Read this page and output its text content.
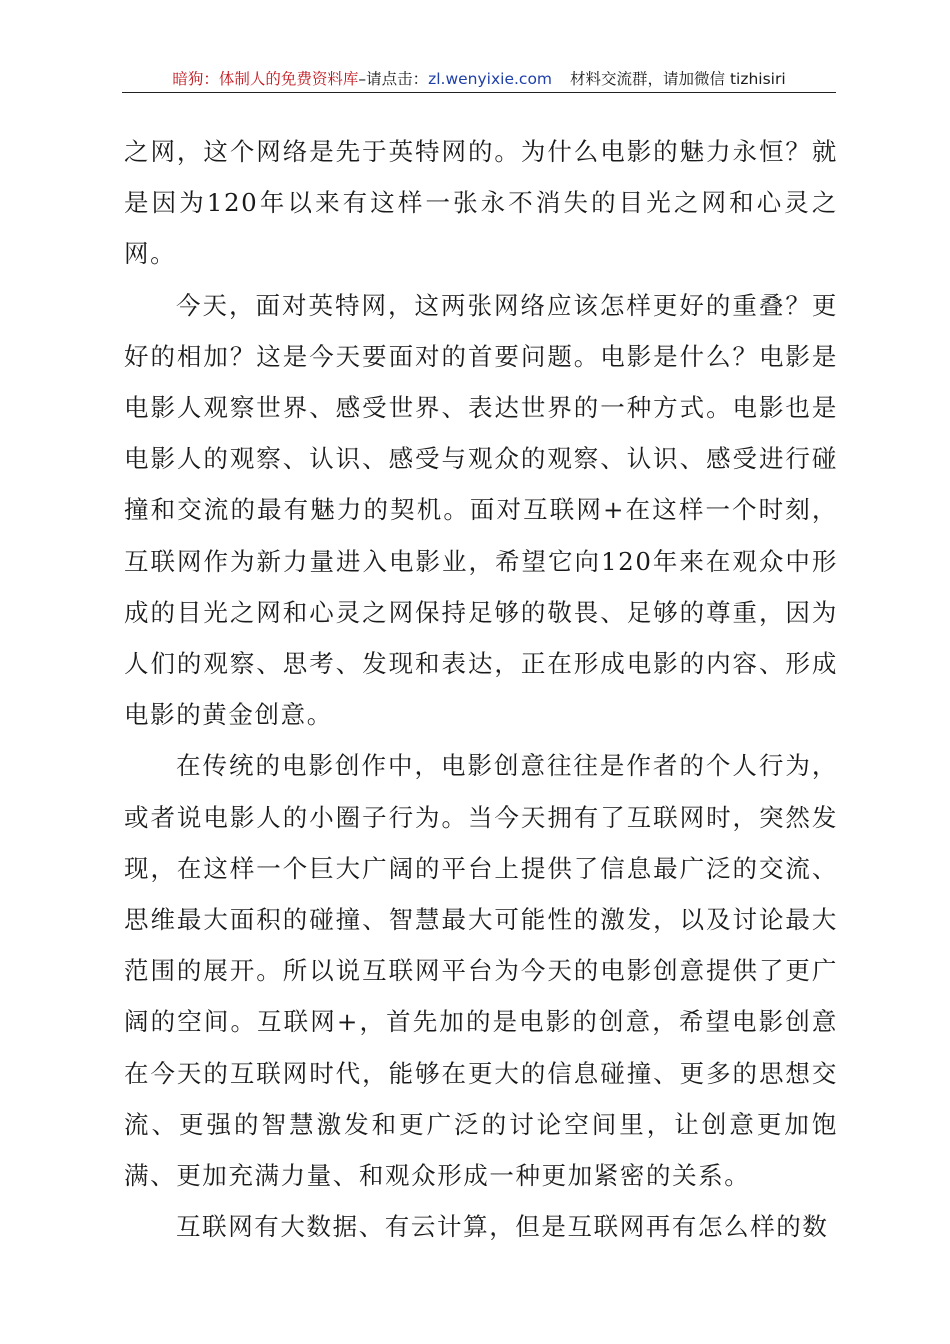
暗狗：体制人的免费资料库–请点击：zl.wenyixie.com 材料交流群，请加微信 tizhisiri

之网，这个网络是先于英特网的。为什么电影的魅力永恒？就是因为120年以来有这样一张永不消失的目光之网和心灵之网。

今天，面对英特网，这两张网络应该怎样更好的重叠？更好的相加？这是今天要面对的首要问题。电影是什么？电影是电影人观察世界、感受世界、表达世界的一种方式。电影也是电影人的观察、认识、感受与观众的观察、认识、感受进行碰撞和交流的最有魅力的契机。面对互联网+在这样一个时刻，互联网作为新力量进入电影业，希望它向120年来在观众中形成的目光之网和心灵之网保持足够的敬畏、足够的尊重，因为人们的观察、思考、发现和表达，正在形成电影的内容、形成电影的黄金创意。

在传统的电影创作中，电影创意往往是作者的个人行为，或者说电影人的小圈子行为。当今天拥有了互联网时，突然发现，在这样一个巨大广阔的平台上提供了信息最广泛的交流、思维最大面积的碰撞、智慧最大可能性的激发，以及讨论最大范围的展开。所以说互联网平台为今天的电影创意提供了更广阔的空间。互联网+，首先加的是电影的创意，希望电影创意在今天的互联网时代，能够在更大的信息碰撞、更多的思想交流、更强的智慧激发和更广泛的讨论空间里，让创意更加饱满、更加充满力量、和观众形成一种更加紧密的关系。

互联网有大数据、有云计算，但是互联网再有怎么样的数
